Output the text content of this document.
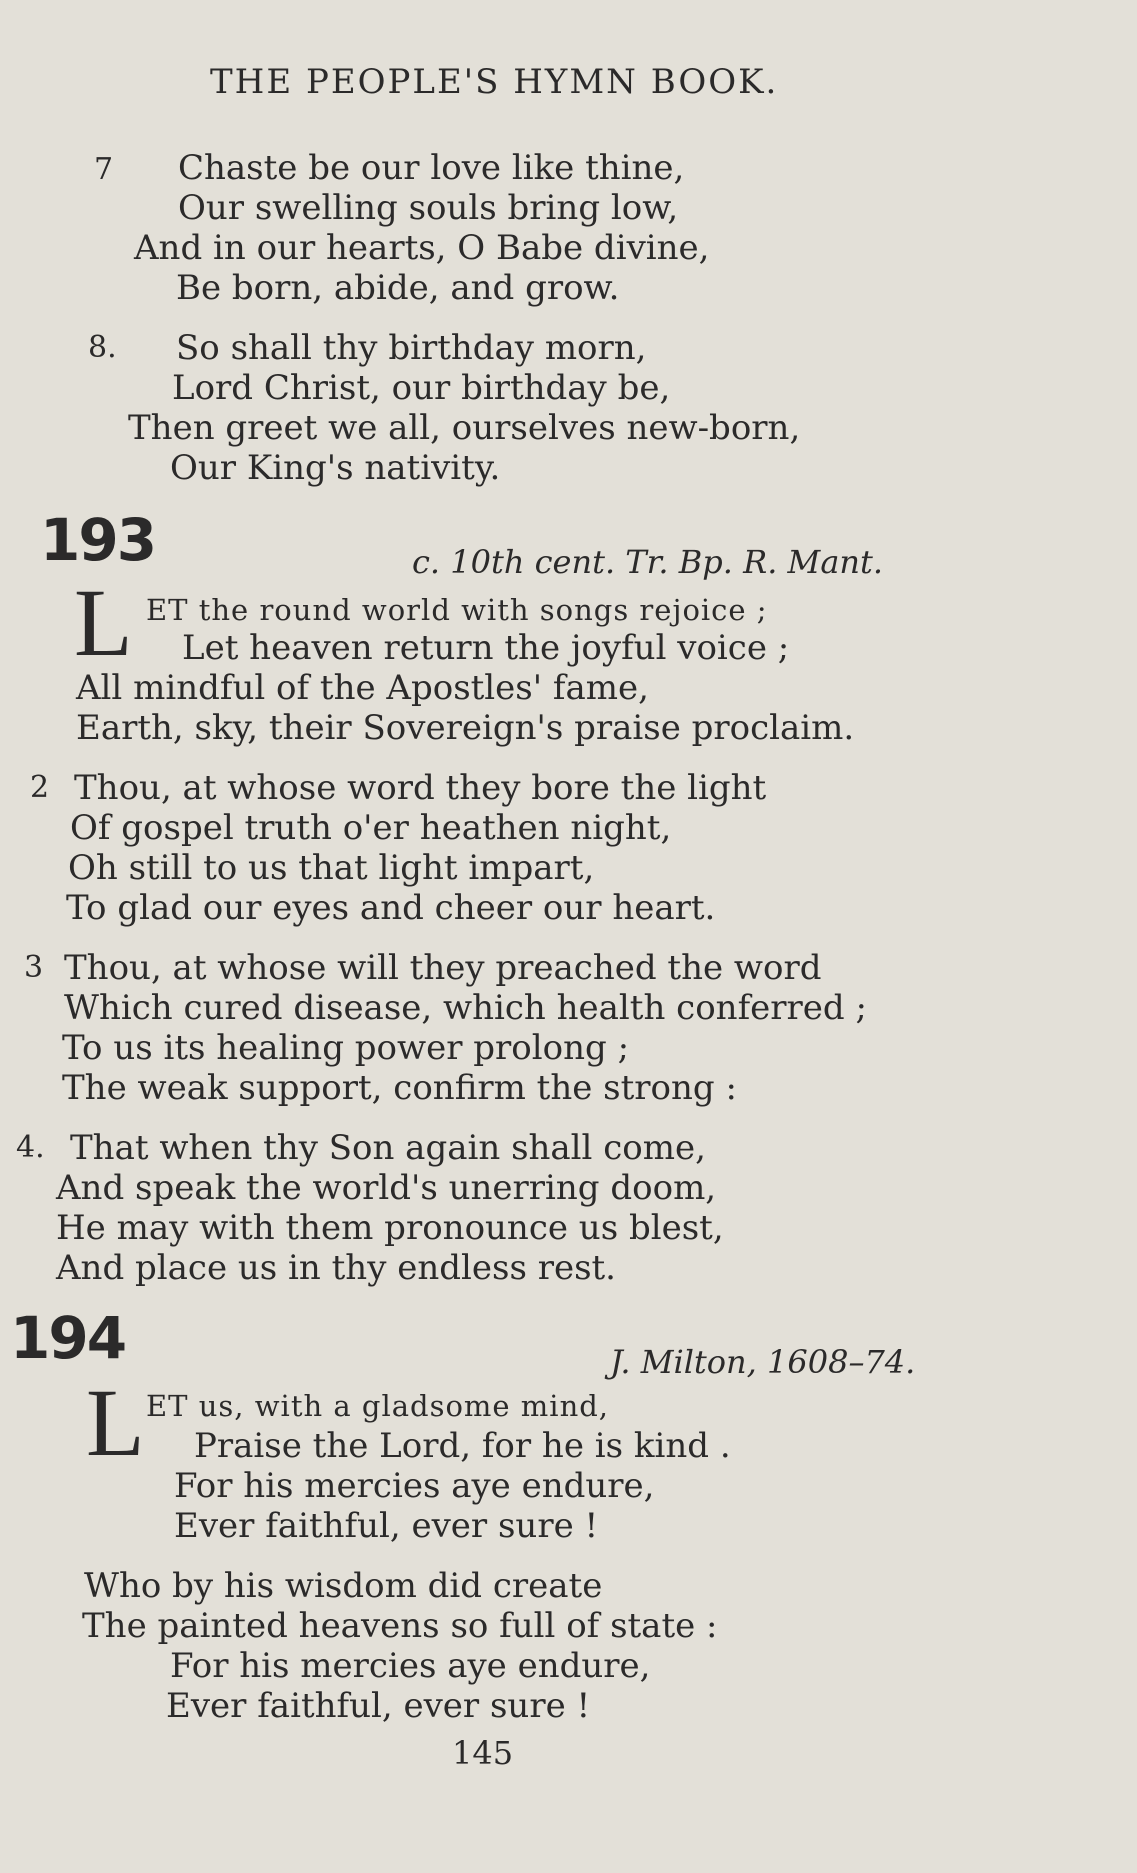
THE PEOPLE'S HYMN BOOK.
7 Chaste be our love like thine,
Our swelling souls bring low,
And in our hearts, O Babe divine,
Be born, abide, and grow.
8. So shall thy birthday morn,
Lord Christ, our birthday be,
Then greet we all, ourselves new-born,
Our King's nativity.
193	c. 10th cent. Tr. Bp. R. Mant.
L ET the round world with songs rejoice ;
Let heaven return the joyful voice ;
All mindful of the Apostles' fame,
Earth, sky, their Sovereign's praise proclaim.
2 Thou, at whose word they bore the light
Of gospel truth o'er heathen night,
Oh still to us that light impart,
To glad our eyes and cheer our heart.
3 Thou, at whose will they preached the word
Which cured disease, which health conferred ;
To us its healing power prolong ;
The weak support, confirm the strong :
4. That when thy Son again shall come,
And speak the world's unerring doom,
He may with them pronounce us blest,
And place us in thy endless rest.
194	J. Milton, 1608–74.
L ET us, with a gladsome mind,
Praise the Lord, for he is kind .
For his mercies aye endure,
Ever faithful, ever sure !
Who by his wisdom did create
The painted heavens so full of state :
For his mercies aye endure,
Ever faithful, ever sure !
145
